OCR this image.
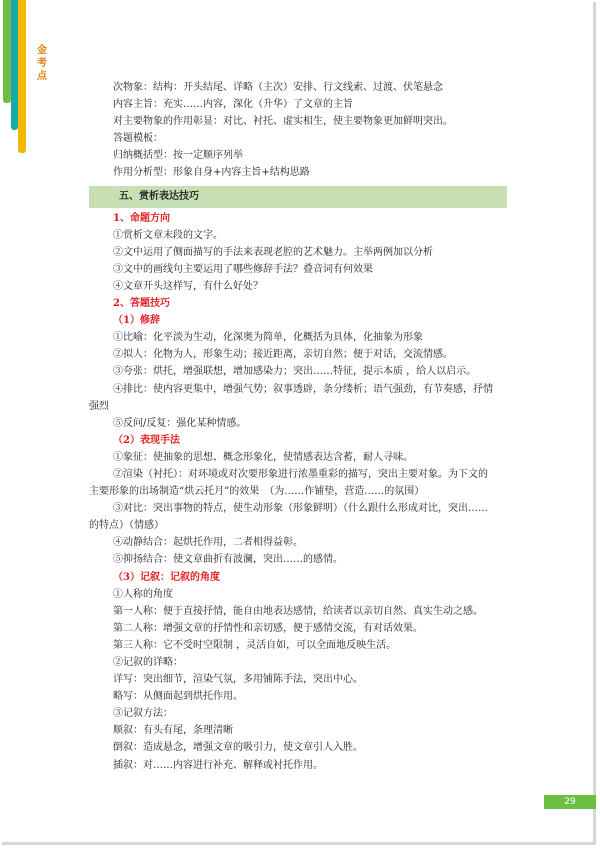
金考点
次物象：结构：开头结尾、详略（主次）安排、行文线索、过渡、伏笔悬念
内容主旨：充实……内容，深化（升华）了文章的主旨
对主要物象的作用彰显：对比、衬托、虚实相生，使主要物象更加鲜明突出。
答题模板：
归纳概括型：按一定顺序列举
作用分析型：形象自身+内容主旨+结构思路
五、赏析表达技巧
1、命题方向
①赏析文章末段的文字。
②文中运用了侧面描写的手法来表现老腔的艺术魅力。主举两例加以分析
③文中的画线句主要运用了哪些修辞手法？叠音词有何效果
④文章开头这样写，有什么好处？
2、答题技巧
（1）修辞
①比喻：化平淡为生动，化深奥为简单，化概括为具体，化抽象为形象
②拟人：化物为人，形象生动；接近距离，亲切自然；便于对话，交流情感。
③夸张：烘托，增强联想，增加感染力；突出……特征，提示本质 ，给人以启示。
④排比：使内容更集中，增强气势；叙事透辟，条分缕析；语气强劲，有节奏感，抒情
强烈
⑤反问/反复：强化某种情感。
（2）表现手法
①象征：使抽象的思想、概念形象化，使情感表达含蓄，耐人寻味。
②渲染（衬托）：对环境或对次要形象进行浓墨重彩的描写，突出主要对象。为下文的
主要形象的出场制造“烘云托月”的效果　（为……作铺垫，营造……的氛围）
③对比：突出事物的特点，使生动形象（形象鲜明）（什么跟什么形成对比，突出……
的特点）（情感）
④动静结合：起烘托作用，二者相得益彰。
⑤抑扬结合：使文章曲折有波澜，突出……的感情。
（3）记叙：记叙的角度
①人称的角度
第一人称：便于直接抒情，能自由地表达感情，给读者以亲切自然、真实生动之感。
第二人称：增强文章的抒情性和亲切感，便于感情交流，有对话效果。
第三人称：它不受时空限制 ，灵活自如，可以全面地反映生活。
②记叙的详略：
详写：突出细节，渲染气氛，多用铺陈手法，突出中心。
略写：从侧面起到烘托作用。
③记叙方法：
顺叙：有头有尾，条理清晰
倒叙：造成悬念，增强文章的吸引力，使文章引人入胜。
插叙：对……内容进行补充、解释或衬托作用。
29
